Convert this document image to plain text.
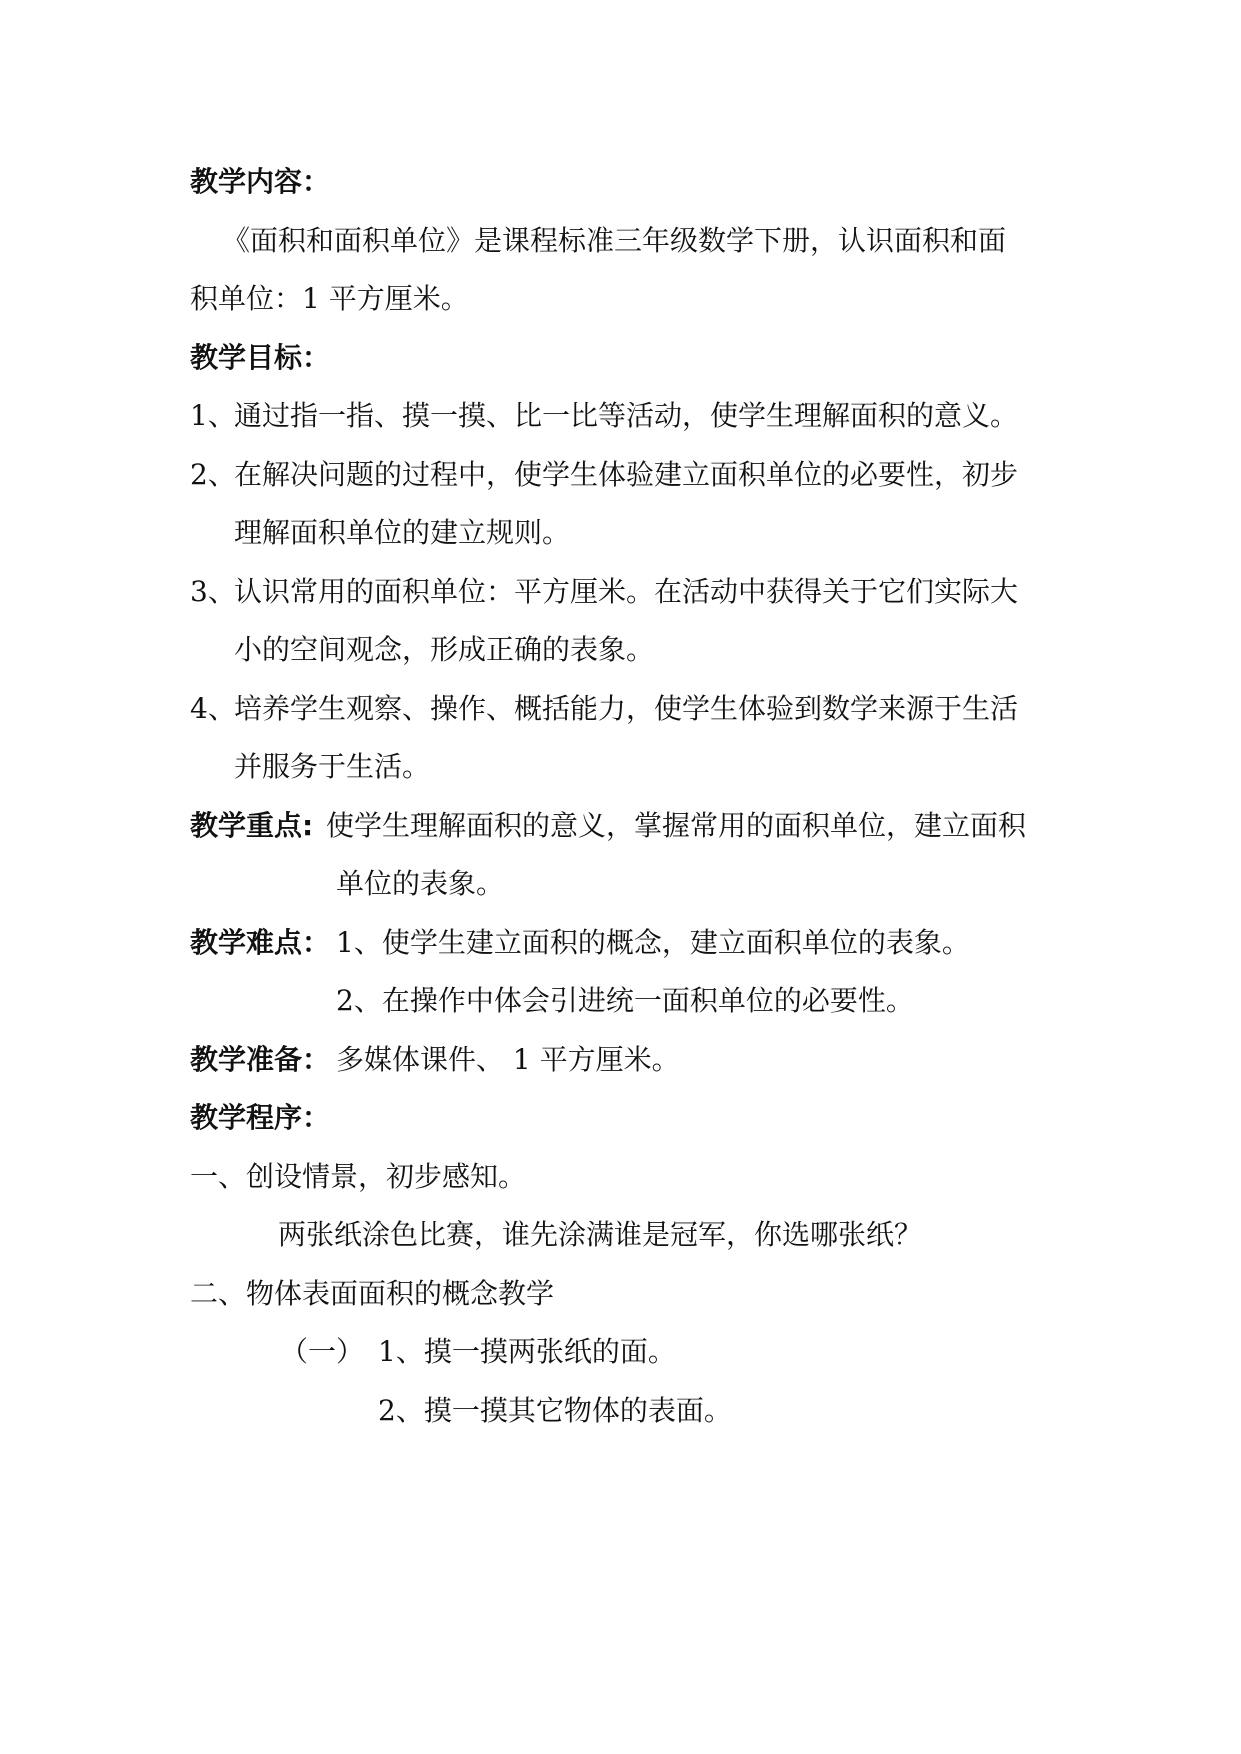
教学内容：
《面积和面积单位》是课程标准三年级数学下册，认识面积和面
积单位：1 平方厘米。
教学目标：
1、通过指一指、摸一摸、比一比等活动，使学生理解面积的意义。
2、在解决问题的过程中，使学生体验建立面积单位的必要性，初步
理解面积单位的建立规则。
3、认识常用的面积单位：平方厘米。在活动中获得关于它们实际大
小的空间观念，形成正确的表象。
4、培养学生观察、操作、概括能力，使学生体验到数学来源于生活
并服务于生活。
教学重点: 使学生理解面积的意义，掌握常用的面积单位，建立面积
单位的表象。
教学难点： 1、使学生建立面积的概念，建立面积单位的表象。
2、在操作中体会引进统一面积单位的必要性。
教学准备： 多媒体课件、 1 平方厘米。
教学程序：
一、创设情景，初步感知。
两张纸涂色比赛，谁先涂满谁是冠军，你选哪张纸？
二、物体表面面积的概念教学
（一） 1、摸一摸两张纸的面。
2、摸一摸其它物体的表面。
